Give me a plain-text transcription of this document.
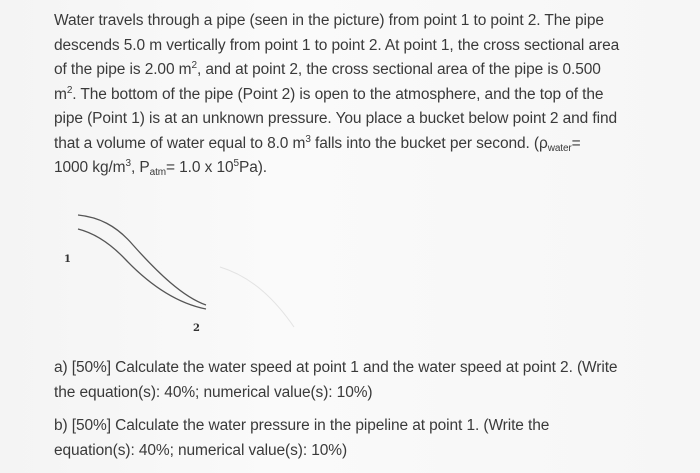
Water travels through a pipe (seen in the picture) from point 1 to point 2. The pipe

descends 5.0 m vertically from point 1 to point 2. At point 1, the cross sectional area

of the pipe is 2.00 $m^2$, and at point 2, the cross sectional area of the pipe is 0.500

$m^2$. The bottom of the pipe (Point 2) is open to the atmosphere, and the top of the

pipe (Point 1) is at an unknown pressure. You place a bucket below point 2 and find

that a volume of water equal to 8.0 $m^3$ falls into the bucket per second. ($\rho_{water}=$

1000 $kg/m^3$, $P_{atm}= 1.0$ x $10^5Pa$).

1
2

a) [50%] Calculate the water speed at point 1 and the water speed at point 2. (Write

the equation(s): 40%; numerical value(s): 10%)

b) [50%] Calculate the water pressure in the pipeline at point 1. (Write the

equation(s): 40%; numerical value(s): 10%)
